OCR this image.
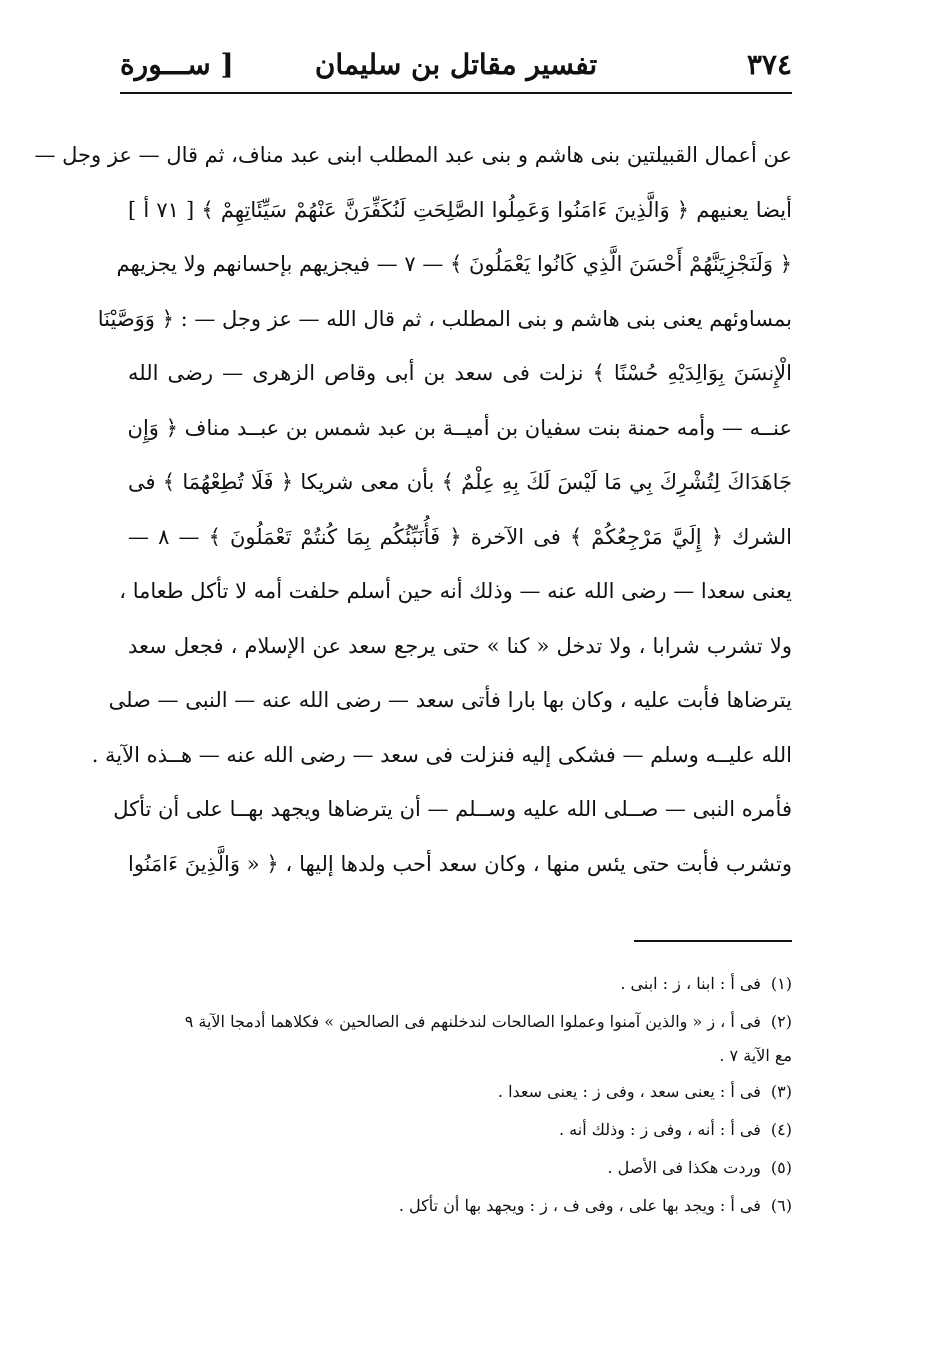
٣٧٤
تفسير مقاتل بن سليمان
[ ســـورة
عن أعمال القبيلتين بنى هاشم و بنى عبد المطلب ابنى عبد مناف، ثم قال — عز وجل —
أيضا يعنيهم ﴿ وَالَّذِينَ ءَامَنُوا وَعَمِلُوا الصَّلِحَتِ لَنُكَفِّرَنَّ عَنْهُمْ سَيِّئَاتِهِمْ ﴾ [ ٧١ أ ]
﴿ وَلَنَجْزِيَنَّهُمْ أَحْسَنَ الَّذِي كَانُوا يَعْمَلُونَ ﴾ — ٧ — فيجزيهم بإحسانهم ولا يجزيهم
بمساوئهم يعنى بنى هاشم و بنى المطلب ، ثم قال الله — عز وجل — : ﴿ وَوَصَّيْنَا
الْإِنسَنَ بِوَالِدَيْهِ حُسْنًا ﴾ نزلت فى سعد بن أبى وقاص الزهرى — رضى الله
عنــه — وأمه حمنة بنت سفيان بن أميــة بن عبد شمس بن عبــد مناف ﴿ وَإِن
جَاهَدَاكَ لِتُشْرِكَ بِي مَا لَيْسَ لَكَ بِهِ عِلْمٌ ﴾ بأن معى شريكا ﴿ فَلَا تُطِعْهُمَا ﴾ فى
الشرك ﴿ إِلَيَّ مَرْجِعُكُمْ ﴾ فى الآخرة ﴿ فَأُنَبِّئُكُم بِمَا كُنتُمْ تَعْمَلُونَ ﴾ — ٨ —
يعنى سعدا — رضى الله عنه — وذلك أنه حين أسلم حلفت أمه لا تأكل طعاما ،
ولا تشرب شرابا ، ولا تدخل « كنا » حتى يرجع سعد عن الإسلام ، فجعل سعد
يترضاها فأبت عليه ، وكان بها بارا فأتى سعد — رضى الله عنه — النبى — صلى
الله عليــه وسلم — فشكى إليه فنزلت فى سعد — رضى الله عنه — هــذه الآية .
فأمره النبى — صــلى الله عليه وســلم — أن يترضاها ويجهد بهــا على أن تأكل
وتشرب فأبت حتى يئس منها ، وكان سعد أحب ولدها إليها ، ﴿ « وَالَّذِينَ ءَامَنُوا
(١)فى أ : ابنا ، ز : ابنى .
(٢)فى أ ، ز « والذين آمنوا وعملوا الصالحات لندخلنهم فى الصالحين » فكلاهما أدمجا الآية ٩
مع الآية ٧ .
(٣)فى أ : يعنى سعد ، وفى ز : يعنى سعدا .
(٤)فى أ : أنه ، وفى ز : وذلك أنه .
(٥)وردت هكذا فى الأصل .
(٦)فى أ : ويجد بها على ، وفى ف ، ز : ويجهد بها أن تأكل .
